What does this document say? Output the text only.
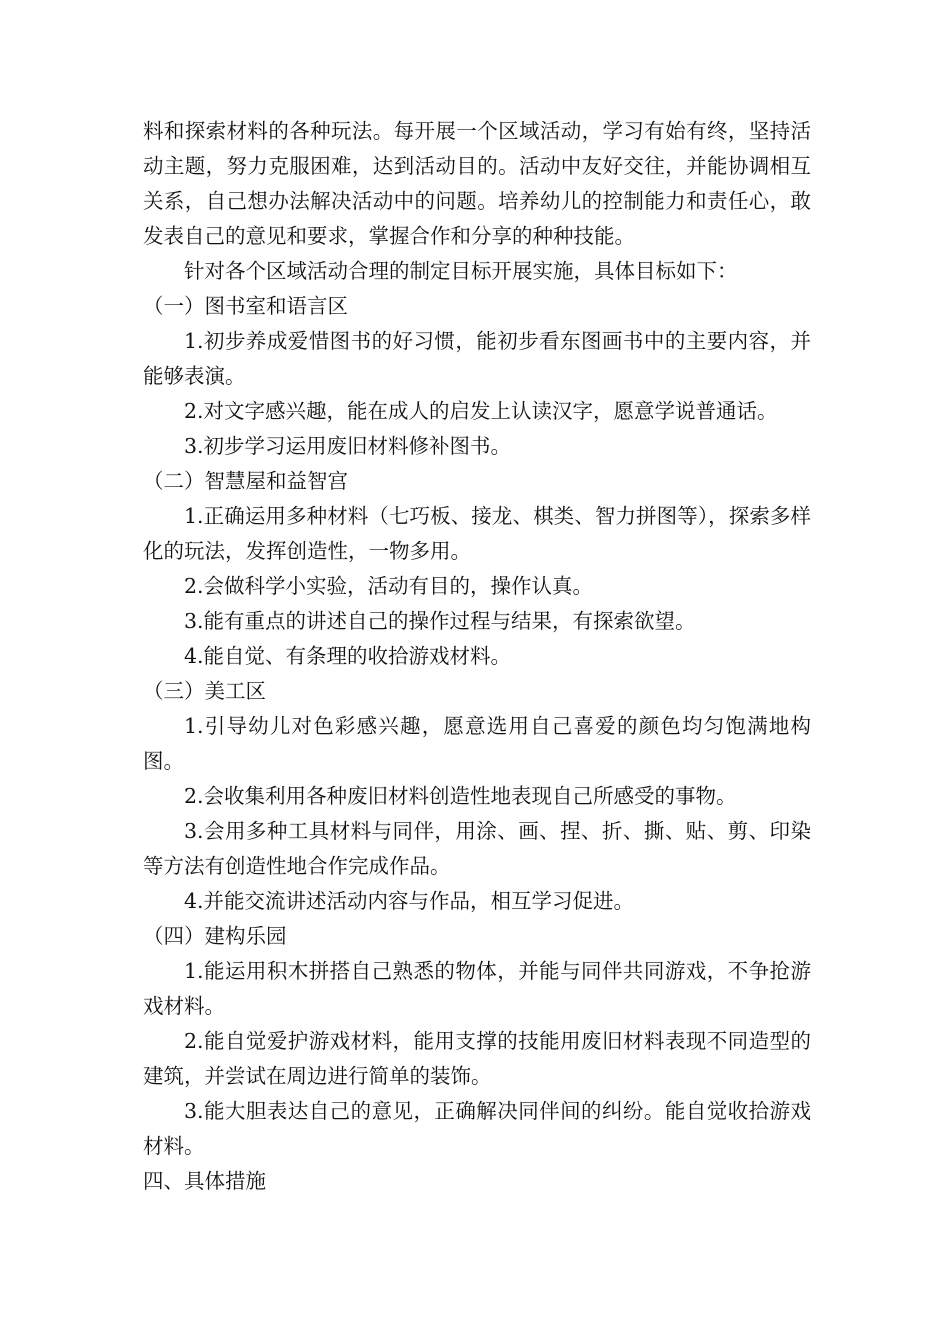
料和探索材料的各种玩法。每开展一个区域活动，学习有始有终，坚持活动主题，努力克服困难，达到活动目的。活动中友好交往，并能协调相互关系，自己想办法解决活动中的问题。培养幼儿的控制能力和责任心，敢发表自己的意见和要求，掌握合作和分享的种种技能。

针对各个区域活动合理的制定目标开展实施，具体目标如下：

（一）图书室和语言区

1.初步养成爱惜图书的好习惯，能初步看东图画书中的主要内容，并能够表演。

2.对文字感兴趣，能在成人的启发上认读汉字，愿意学说普通话。

3.初步学习运用废旧材料修补图书。

（二）智慧屋和益智宫

1.正确运用多种材料（七巧板、接龙、棋类、智力拼图等），探索多样化的玩法，发挥创造性，一物多用。

2.会做科学小实验，活动有目的，操作认真。

3.能有重点的讲述自己的操作过程与结果，有探索欲望。

4.能自觉、有条理的收拾游戏材料。

（三）美工区

1.引导幼儿对色彩感兴趣，愿意选用自己喜爱的颜色均匀饱满地构图。

2.会收集利用各种废旧材料创造性地表现自己所感受的事物。

3.会用多种工具材料与同伴，用涂、画、捏、折、撕、贴、剪、印染等方法有创造性地合作完成作品。

4.并能交流讲述活动内容与作品，相互学习促进。

（四）建构乐园

1.能运用积木拼搭自己熟悉的物体，并能与同伴共同游戏，不争抢游戏材料。

2.能自觉爱护游戏材料，能用支撑的技能用废旧材料表现不同造型的建筑，并尝试在周边进行简单的装饰。

3.能大胆表达自己的意见，正确解决同伴间的纠纷。能自觉收拾游戏材料。

四、具体措施
